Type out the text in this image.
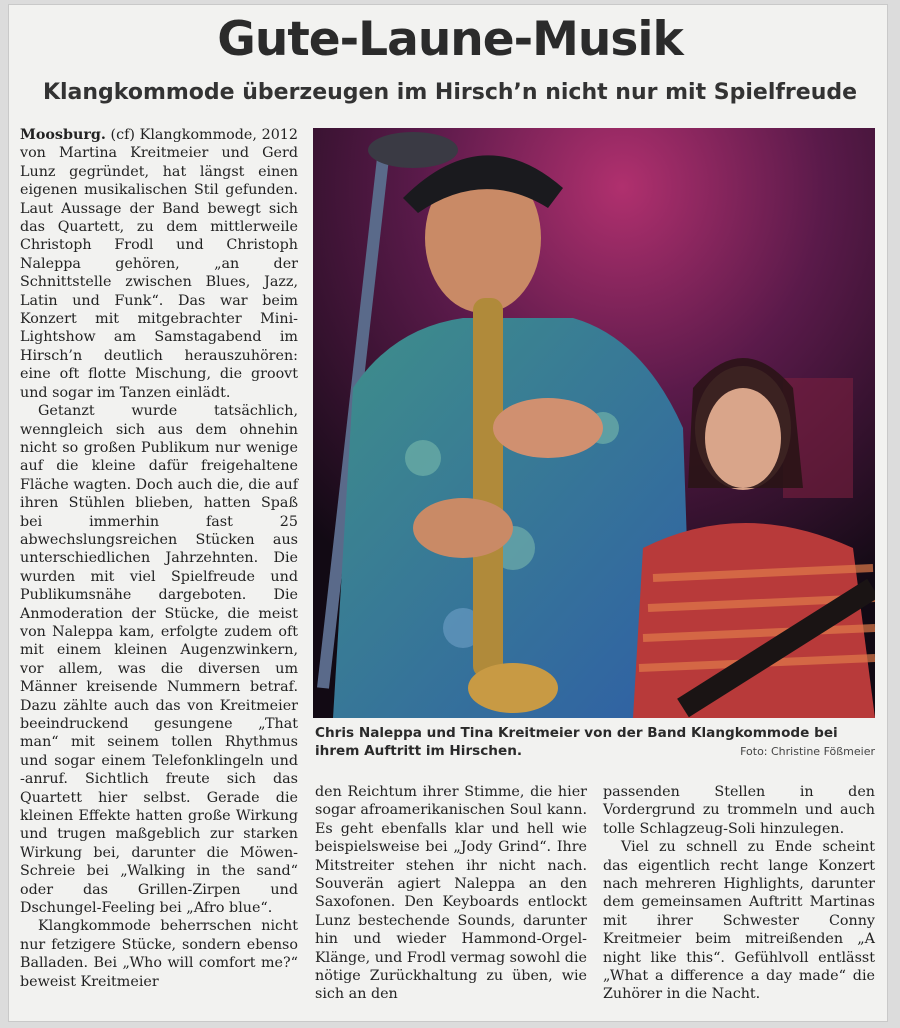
Gute-Laune-Musik
Klangkommode überzeugen im Hirsch’n nicht nur mit Spielfreude

Moosburg. (cf) Klangkommode, 2012 von Martina Kreitmeier und Gerd Lunz gegründet, hat längst einen eigenen musikalischen Stil gefunden. Laut Aussage der Band bewegt sich das Quartett, zu dem mittlerweile Christoph Frodl und Christoph Naleppa gehören, „an der Schnittstelle zwischen Blues, Jazz, Latin und Funk“. Das war beim Konzert mit mitgebrachter Mini-Lightshow am Samstagabend im Hirsch’n deutlich herauszuhören: eine oft flotte Mischung, die groovt und sogar im Tanzen einlädt.

Getanzt wurde tatsächlich, wenngleich sich aus dem ohnehin nicht so großen Publikum nur wenige auf die kleine dafür freigehaltene Fläche wagten. Doch auch die, die auf ihren Stühlen blieben, hatten Spaß bei immerhin fast 25 abwechslungsreichen Stücken aus unterschiedlichen Jahrzehnten. Die wurden mit viel Spielfreude und Publikumsnähe dargeboten. Die Anmoderation der Stücke, die meist von Naleppa kam, erfolgte zudem oft mit einem kleinen Augenzwinkern, vor allem, was die diversen um Männer kreisende Nummern betraf. Dazu zählte auch das von Kreitmeier beeindruckend gesungene „That man“ mit seinem tollen Rhythmus und sogar einem Telefonklingeln und -anruf. Sichtlich freute sich das Quartett hier selbst. Gerade die kleinen Effekte hatten große Wirkung und trugen maßgeblich zur starken Wirkung bei, darunter die Möwen-Schreie bei „Walking in the sand“ oder das Grillen-Zirpen und Dschungel-Feeling bei „Afro blue“.

Klangkommode beherrschen nicht nur fetzigere Stücke, sondern ebenso Balladen. Bei „Who will comfort me?“ beweist Kreitmeier

Chris Naleppa und Tina Kreitmeier von der Band Klangkommode bei ihrem Auftritt im Hirschen.	Foto: Christine Fößmeier

den Reichtum ihrer Stimme, die hier sogar afroamerikanischen Soul kann. Es geht ebenfalls klar und hell wie beispielsweise bei „Jody Grind“. Ihre Mitstreiter stehen ihr nicht nach. Souverän agiert Naleppa an den Saxofonen. Den Keyboards entlockt Lunz bestechende Sounds, darunter hin und wieder Hammond-Orgel-Klänge, und Frodl vermag sowohl die nötige Zurückhaltung zu üben, wie sich an den

passenden Stellen in den Vordergrund zu trommeln und auch tolle Schlagzeug-Soli hinzulegen.

Viel zu schnell zu Ende scheint das eigentlich recht lange Konzert nach mehreren Highlights, darunter dem gemeinsamen Auftritt Martinas mit ihrer Schwester Conny Kreitmeier beim mitreißenden „A night like this“. Gefühlvoll entlässt „What a difference a day made“ die Zuhörer in die Nacht.
